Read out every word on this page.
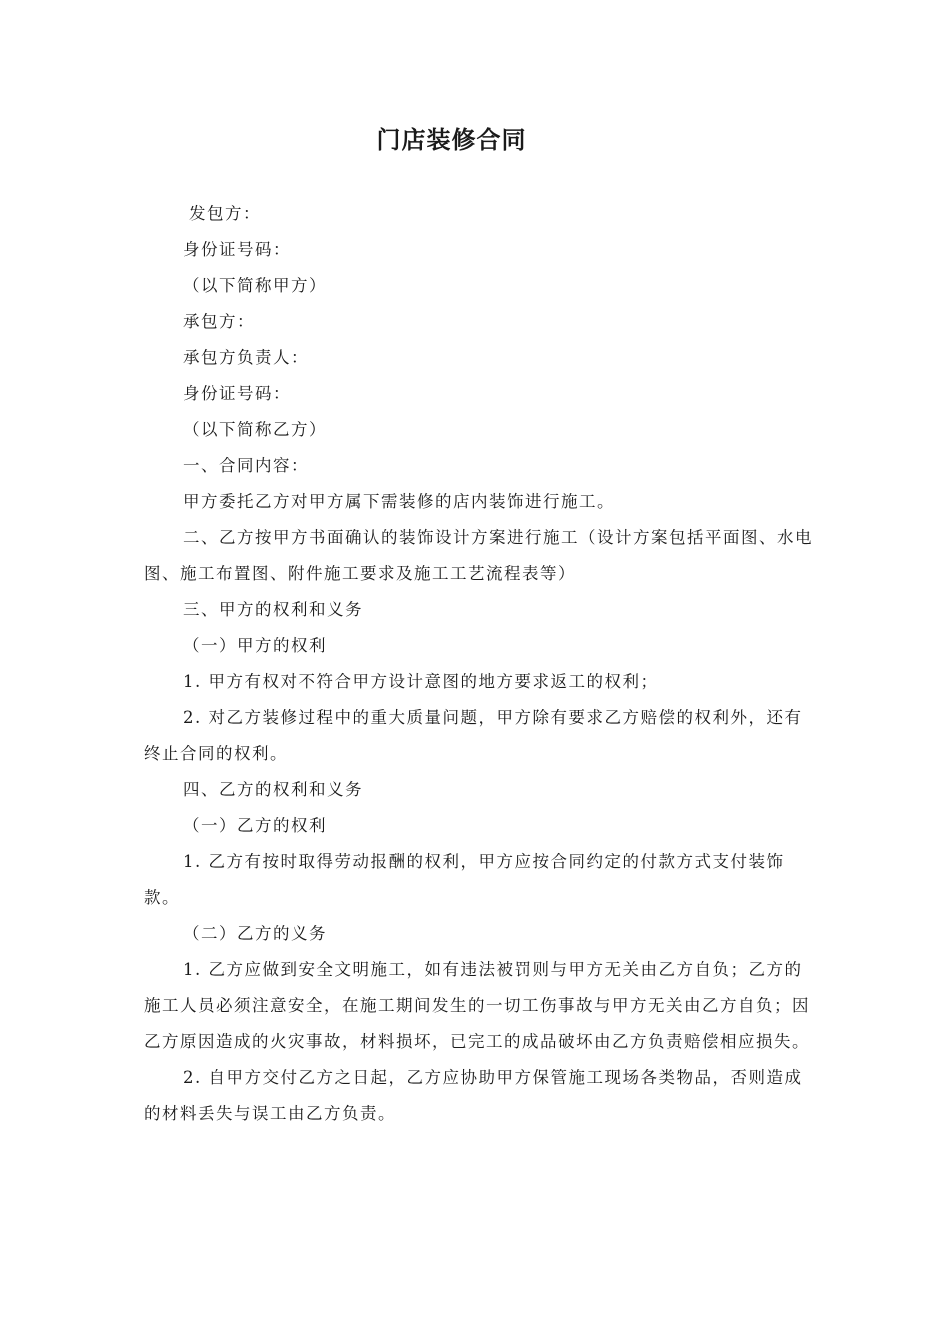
门店装修合同

发包方：

身份证号码：

（以下简称甲方）

承包方：

承包方负责人：

身份证号码：

（以下简称乙方）

一、合同内容：

甲方委托乙方对甲方属下需装修的店内装饰进行施工。

二、乙方按甲方书面确认的装饰设计方案进行施工（设计方案包括平面图、水电图、施工布置图、附件施工要求及施工工艺流程表等）

三、甲方的权利和义务

（一）甲方的权利

1. 甲方有权对不符合甲方设计意图的地方要求返工的权利；

2. 对乙方装修过程中的重大质量问题，甲方除有要求乙方赔偿的权利外，还有终止合同的权利。

四、乙方的权利和义务

（一）乙方的权利

1. 乙方有按时取得劳动报酬的权利，甲方应按合同约定的付款方式支付装饰款。

（二）乙方的义务

1. 乙方应做到安全文明施工，如有违法被罚则与甲方无关由乙方自负；乙方的施工人员必须注意安全，在施工期间发生的一切工伤事故与甲方无关由乙方自负；因乙方原因造成的火灾事故，材料损坏，已完工的成品破坏由乙方负责赔偿相应损失。

2. 自甲方交付乙方之日起，乙方应协助甲方保管施工现场各类物品，否则造成的材料丢失与误工由乙方负责。
